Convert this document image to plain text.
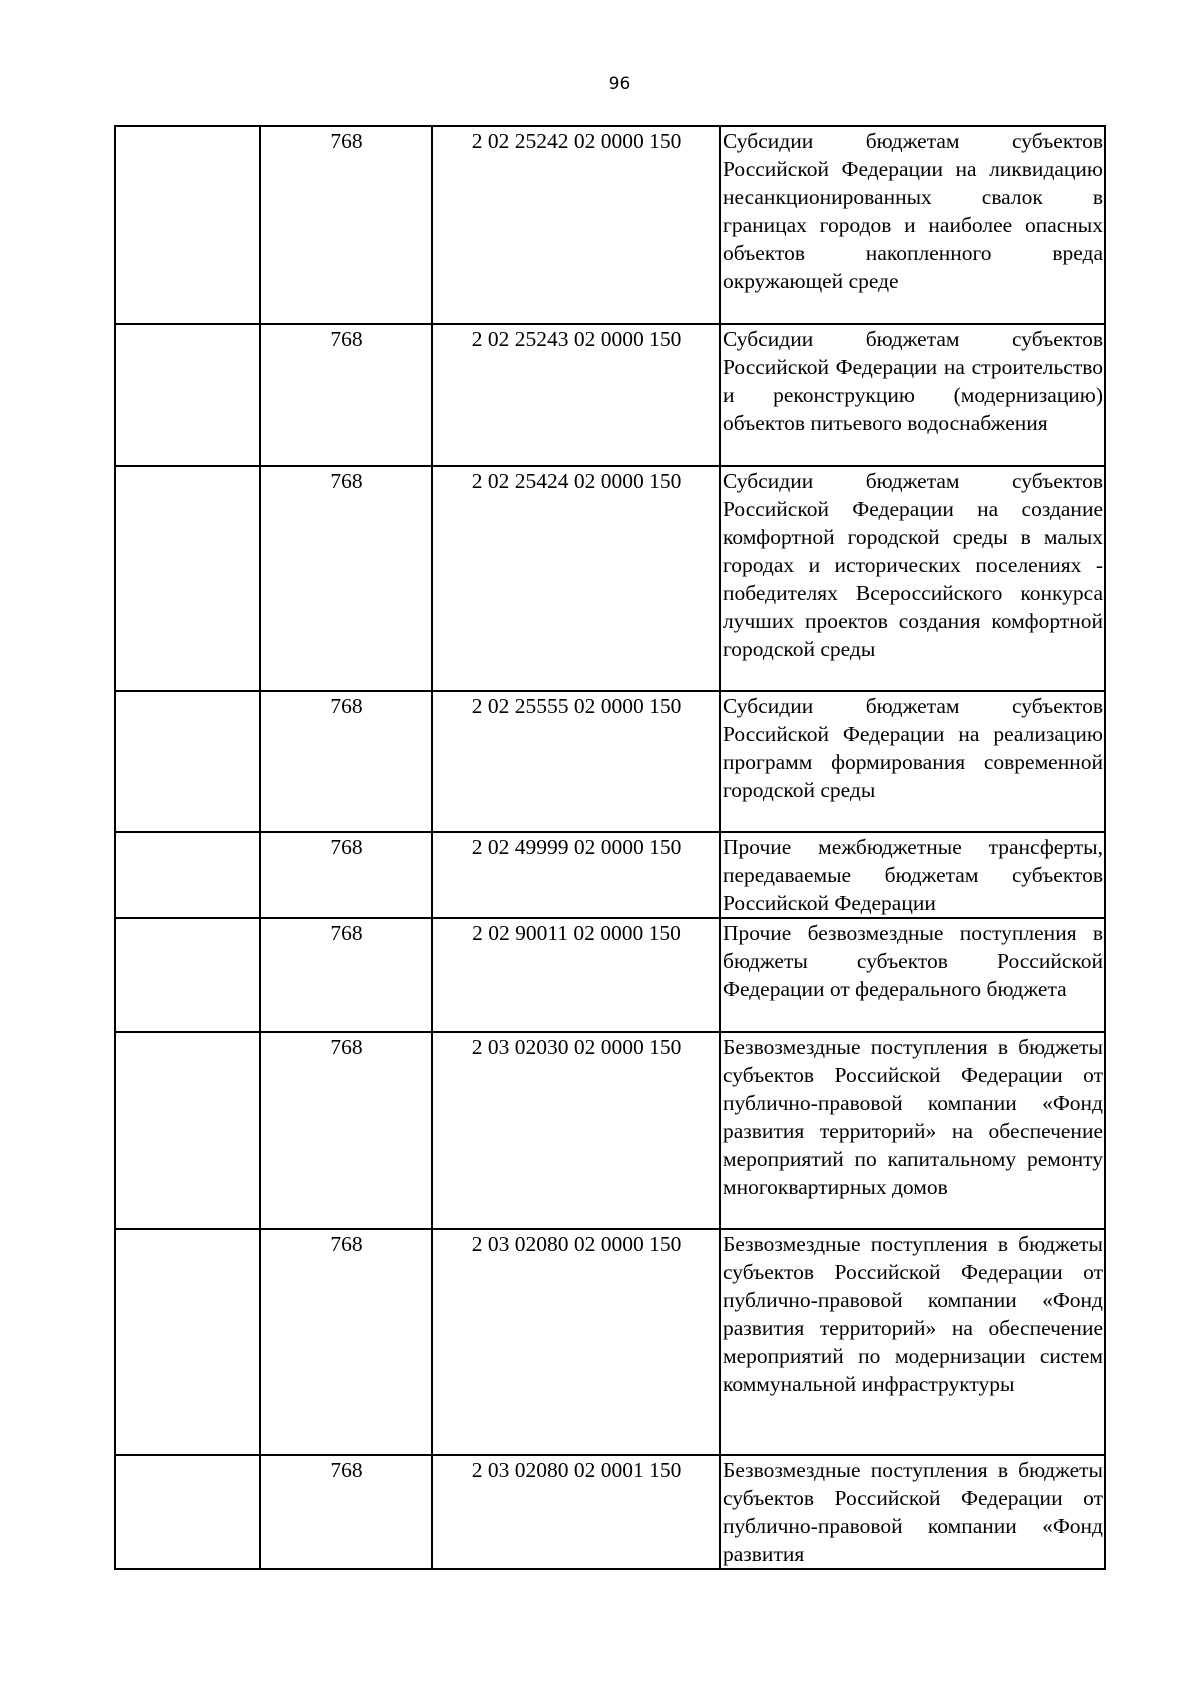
96
	768	2 02 25242 02 0000 150	Субсидии бюджетам субъектов Российской Федерации на ликвидацию несанкционированных свалок в границах городов и наиболее опасных объектов накопленного вреда окружающей среде
	768	2 02 25243 02 0000 150	Субсидии бюджетам субъектов Российской Федерации на строительство и реконструкцию (модернизацию) объектов питьевого водоснабжения
	768	2 02 25424 02 0000 150	Субсидии бюджетам субъектов Российской Федерации на создание комфортной городской среды в малых городах и исторических поселениях - победителях Всероссийского конкурса лучших проектов создания комфортной городской среды
	768	2 02 25555 02 0000 150	Субсидии бюджетам субъектов Российской Федерации на реализацию программ формирования современной городской среды
	768	2 02 49999 02 0000 150	Прочие межбюджетные трансферты, передаваемые бюджетам субъектов Российской Федерации
	768	2 02 90011 02 0000 150	Прочие безвозмездные поступления в бюджеты субъектов Российской Федерации от федерального бюджета
	768	2 03 02030 02 0000 150	Безвозмездные поступления в бюджеты субъектов Российской Федерации от публично-правовой компании «Фонд развития территорий» на обеспечение мероприятий по капитальному ремонту многоквартирных домов
	768	2 03 02080 02 0000 150	Безвозмездные поступления в бюджеты субъектов Российской Федерации от публично-правовой компании «Фонд развития территорий» на обеспечение мероприятий по модернизации систем коммунальной инфраструктуры
	768	2 03 02080 02 0001 150	Безвозмездные поступления в бюджеты субъектов Российской Федерации от публично-правовой компании «Фонд развития
